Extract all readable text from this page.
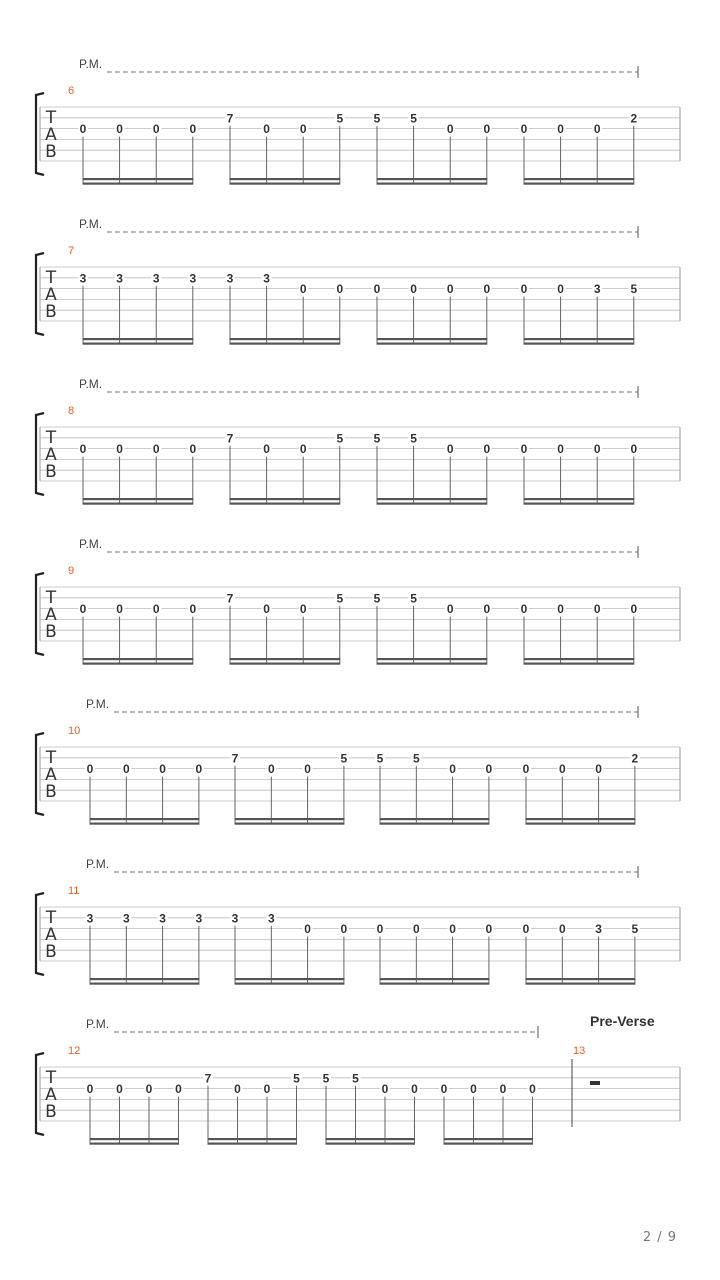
P.M.
6
T
A
B
0 0 0 0
7
0 0
5	5 5
0 0	0 0 0
2
P.M.
7
T
A
B
3 3 3 3	3 3
0 0	0 0 0 0	0 0 3 5
P.M.
8
T
A
B
0 0 0 0
7
0 0
5	5 5
0 0	0 0 0 0
P.M.
9
T
A
B
0 0 0 0
7
0 0
5	5 5
0 0	0 0 0 0
P.M.
10
T
A
B
0 0 0 0
7
0 0
5 5 5
0 0	0 0 0
2
P.M.
11
T
A
B
3 3 3 3 3 3
0 0 0 0 0 0	0 0 3 5
P.M.
12
T
A
B
0 0 0 0
7
0 0
5 5 5
0 0 0 0 0 0
13
Pre-Verse
2 / 9
